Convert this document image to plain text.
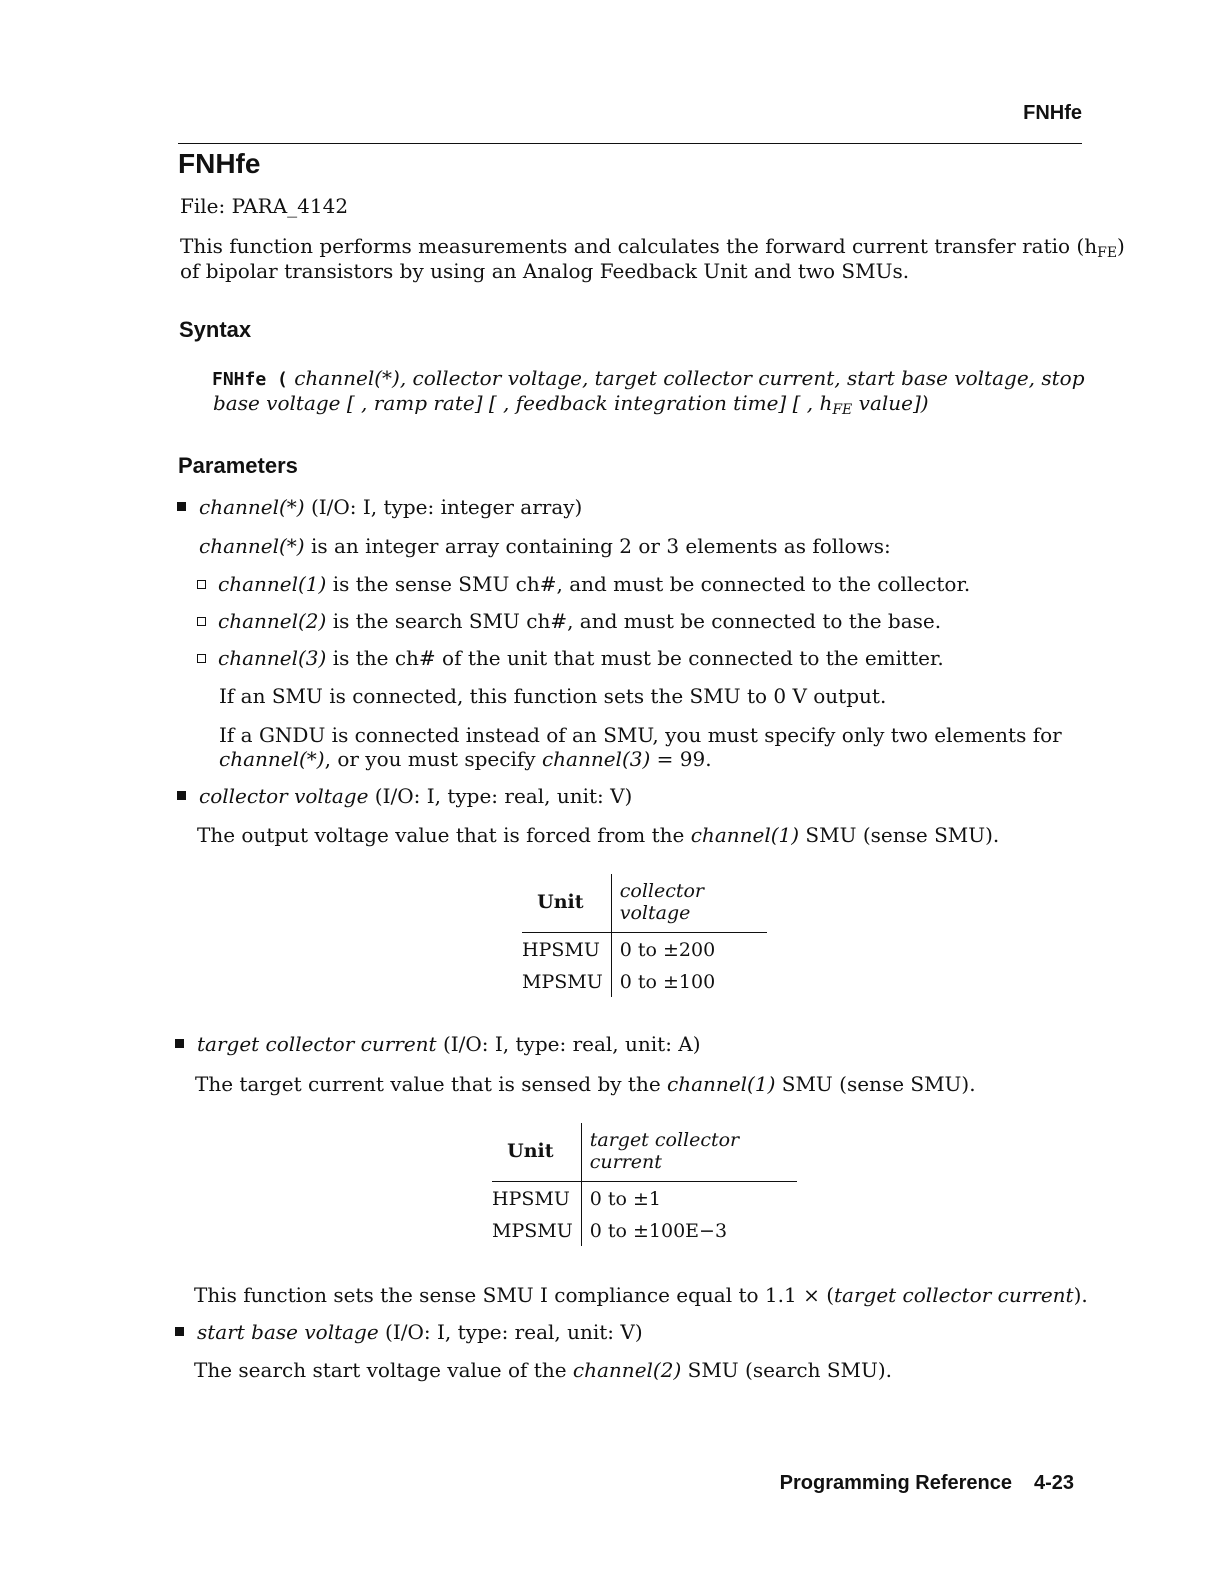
FNHfe
FNHfe
File: PARA_4142
This function performs measurements and calculates the forward current transfer ratio $(h_{FE})$
of bipolar transistors by using an Analog Feedback Unit and two SMUs.
Syntax
FNHfe ( channel(*), collector voltage, target collector current, start base voltage, stop
base voltage [ , ramp rate] [ , feedback integration time] [ , $h_{FE}$ value])
Parameters
channel(*) (I/O: I, type: integer array)
channel(*) is an integer array containing 2 or 3 elements as follows:
channel(1) is the sense SMU ch#, and must be connected to the collector.
channel(2) is the search SMU ch#, and must be connected to the base.
channel(3) is the ch# of the unit that must be connected to the emitter.
If an SMU is connected, this function sets the SMU to 0 V output.
If a GNDU is connected instead of an SMU, you must specify only two elements for
channel(*), or you must specify channel(3) = 99.
collector voltage (I/O: I, type: real, unit: V)
The output voltage value that is forced from the channel(1) SMU (sense SMU).
Unit	collector voltage
HPSMU	0 to ±200
MPSMU	0 to ±100
target collector current (I/O: I, type: real, unit: A)
The target current value that is sensed by the channel(1) SMU (sense SMU).
Unit	target collector current
HPSMU	0 to ±1
MPSMU	0 to ±100E−3
This function sets the sense SMU I compliance equal to 1.1 × (target collector current).
start base voltage (I/O: I, type: real, unit: V)
The search start voltage value of the channel(2) SMU (search SMU).
Programming Reference 4-23
